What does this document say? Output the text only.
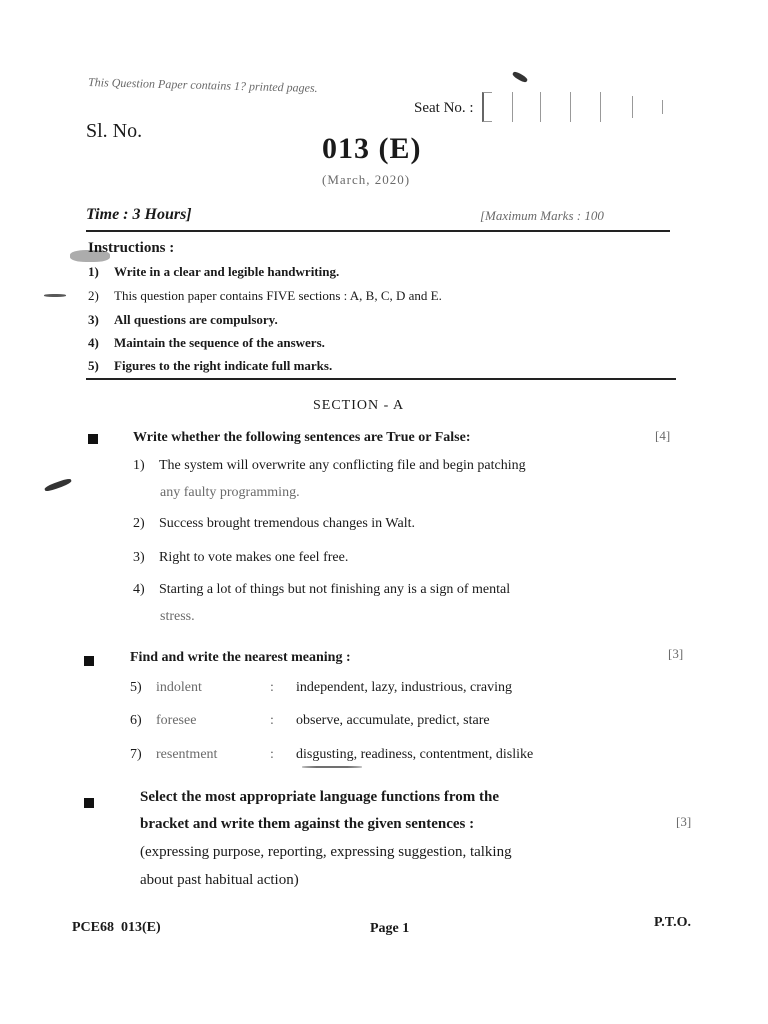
This Question Paper contains 1? printed pages.
Seat No. :
Sl. No.
013 (E)
(March, 2020)
Time : 3 Hours]	[Maximum Marks : 100
Instructions :
1) Write in a clear and legible handwriting.
2) This question paper contains FIVE sections : A, B, C, D and E.
3) All questions are compulsory.
4) Maintain the sequence of the answers.
5) Figures to the right indicate full marks.
SECTION - A
Write whether the following sentences are True or False:	[4]
1) The system will overwrite any conflicting file and begin patching
any faulty programming.
2) Success brought tremendous changes in Walt.
3) Right to vote makes one feel free.
4) Starting a lot of things but not finishing any is a sign of mental
stress.
Find and write the nearest meaning :	[3]
5) indolent	: independent, lazy, industrious, craving
6) foresee	: observe, accumulate, predict, stare
7) resentment	: disgusting, readiness, contentment, dislike
Select the most appropriate language functions from the
bracket and write them against the given sentences :	[3]
(expressing purpose, reporting, expressing suggestion, talking
about past habitual action)
PCE68  013(E)	Page 1	P.T.O.
